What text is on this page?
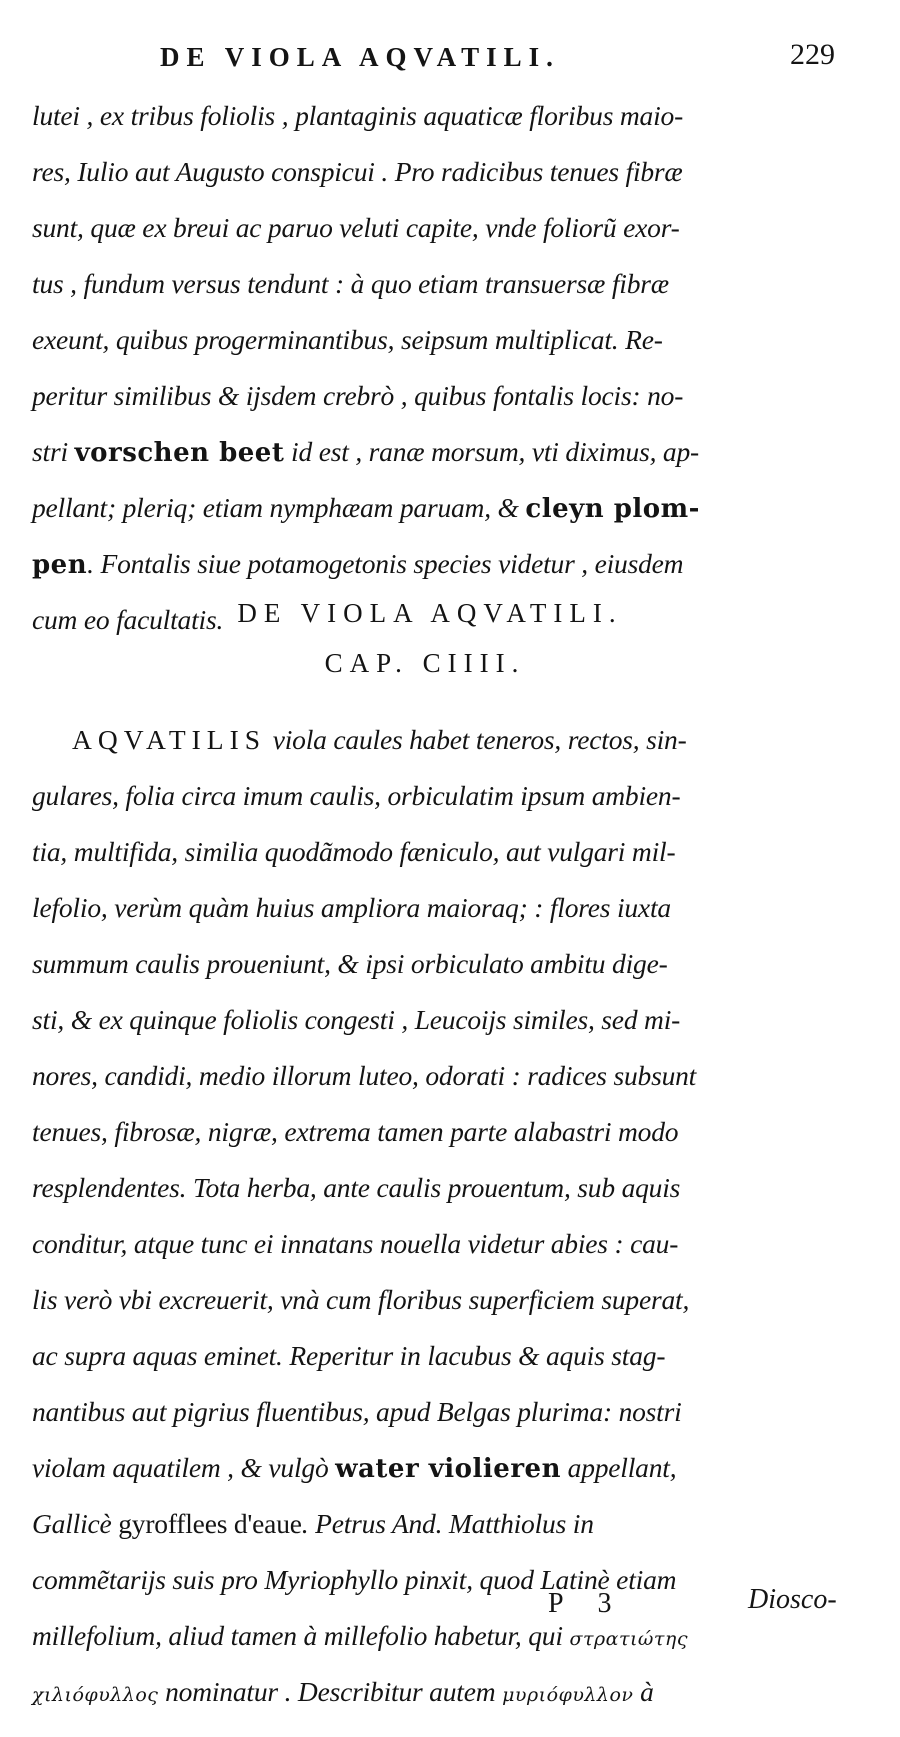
DE VIOLA AQVATILI.	229
lutei , ex tribus foliolis , plantaginis aquaticæ floribus maio-
res, Iulio aut Augusto conspicui . Pro radicibus tenues fibræ
sunt, quæ ex breui ac paruo veluti capite, vnde foliorũ exor-
tus , fundum versus tendunt : à quo etiam transuersæ fibræ
exeunt, quibus progerminantibus, seipsum multiplicat. Re-
peritur similibus & ijsdem crebrò , quibus fontalis locis: no-
stri vorschen beet id est , ranæ morsum, vti diximus, ap-
pellant; pleriq; etiam nymphæam paruam, & cleyn plom-
pen. Fontalis siue potamogetonis species videtur , eiusdem
cum eo facultatis. DE VIOLA AQVATILI.
CAP. CIIII.
AQVATILIS viola caules habet teneros, rectos, sin-
gulares, folia circa imum caulis, orbiculatim ipsum ambien-
tia, multifida, similia quodãmodo fæniculo, aut vulgari mil-
lefolio, verùm quàm huius ampliora maioraq; : flores iuxta
summum caulis proueniunt, & ipsi orbiculato ambitu dige-
sti, & ex quinque foliolis congesti , Leucoijs similes, sed mi-
nores, candidi, medio illorum luteo, odorati : radices subsunt
tenues, fibrosæ, nigræ, extrema tamen parte alabastri modo
resplendentes. Tota herba, ante caulis prouentum, sub aquis
conditur, atque tunc ei innatans nouella videtur abies : cau-
lis verò vbi excreuerit, vnà cum floribus superficiem superat,
ac supra aquas eminet. Reperitur in lacubus & aquis stag-
nantibus aut pigrius fluentibus, apud Belgas plurima: nostri
violam aquatilem , & vulgò water violieren appellant,
Gallicè gyrofflees d'eaue. Petrus And. Matthiolus in
commẽtarijs suis pro Myriophyllo pinxit, quod Latinè etiam
millefolium, aliud tamen à millefolio habetur, qui στρατιώτης
χιλιόφυλλος nominatur . Describitur autem μυριόφυλλον à
P 3	Diosco-
